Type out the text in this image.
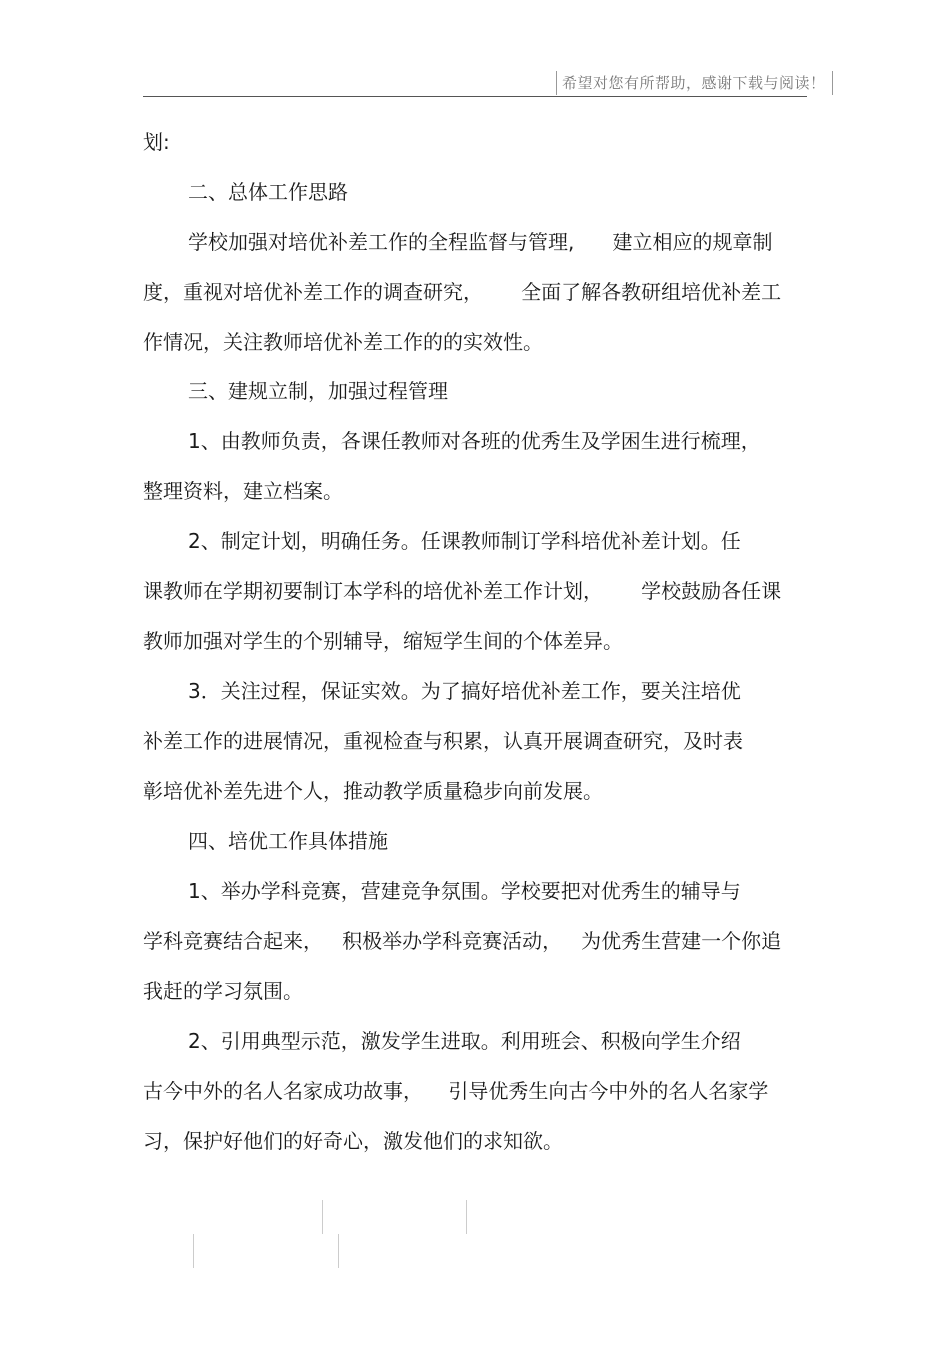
希望对您有所帮助，感谢下载与阅读！
划:
二、总体工作思路
学校加强对培优补差工作的全程监督与管理,      建立相应的规章制
度，重视对培优补差工作的调查研究，      全面了解各教研组培优补差工
作情况，关注教师培优补差工作的的实效性。
三、建规立制，加强过程管理
1、由教师负责，各课任教师对各班的优秀生及学困生进行梳理，
整理资料，建立档案。
2、制定计划，明确任务。任课教师制订学科培优补差计划。任
课教师在学期初要制订本学科的培优补差工作计划，      学校鼓励各任课
教师加强对学生的个别辅导，缩短学生间的个体差异。
3．关注过程，保证实效。为了搞好培优补差工作，要关注培优
补差工作的进展情况，重视检查与积累，认真开展调查研究，及时表
彰培优补差先进个人，推动教学质量稳步向前发展。
四、培优工作具体措施
1、举办学科竞赛，营建竞争氛围。学校要把对优秀生的辅导与
学科竞赛结合起来，   积极举办学科竞赛活动，   为优秀生营建一个你追
我赶的学习氛围。
2、引用典型示范，激发学生进取。利用班会、积极向学生介绍
古今中外的名人名家成功故事，    引导优秀生向古今中外的名人名家学
习，保护好他们的好奇心，激发他们的求知欲。
